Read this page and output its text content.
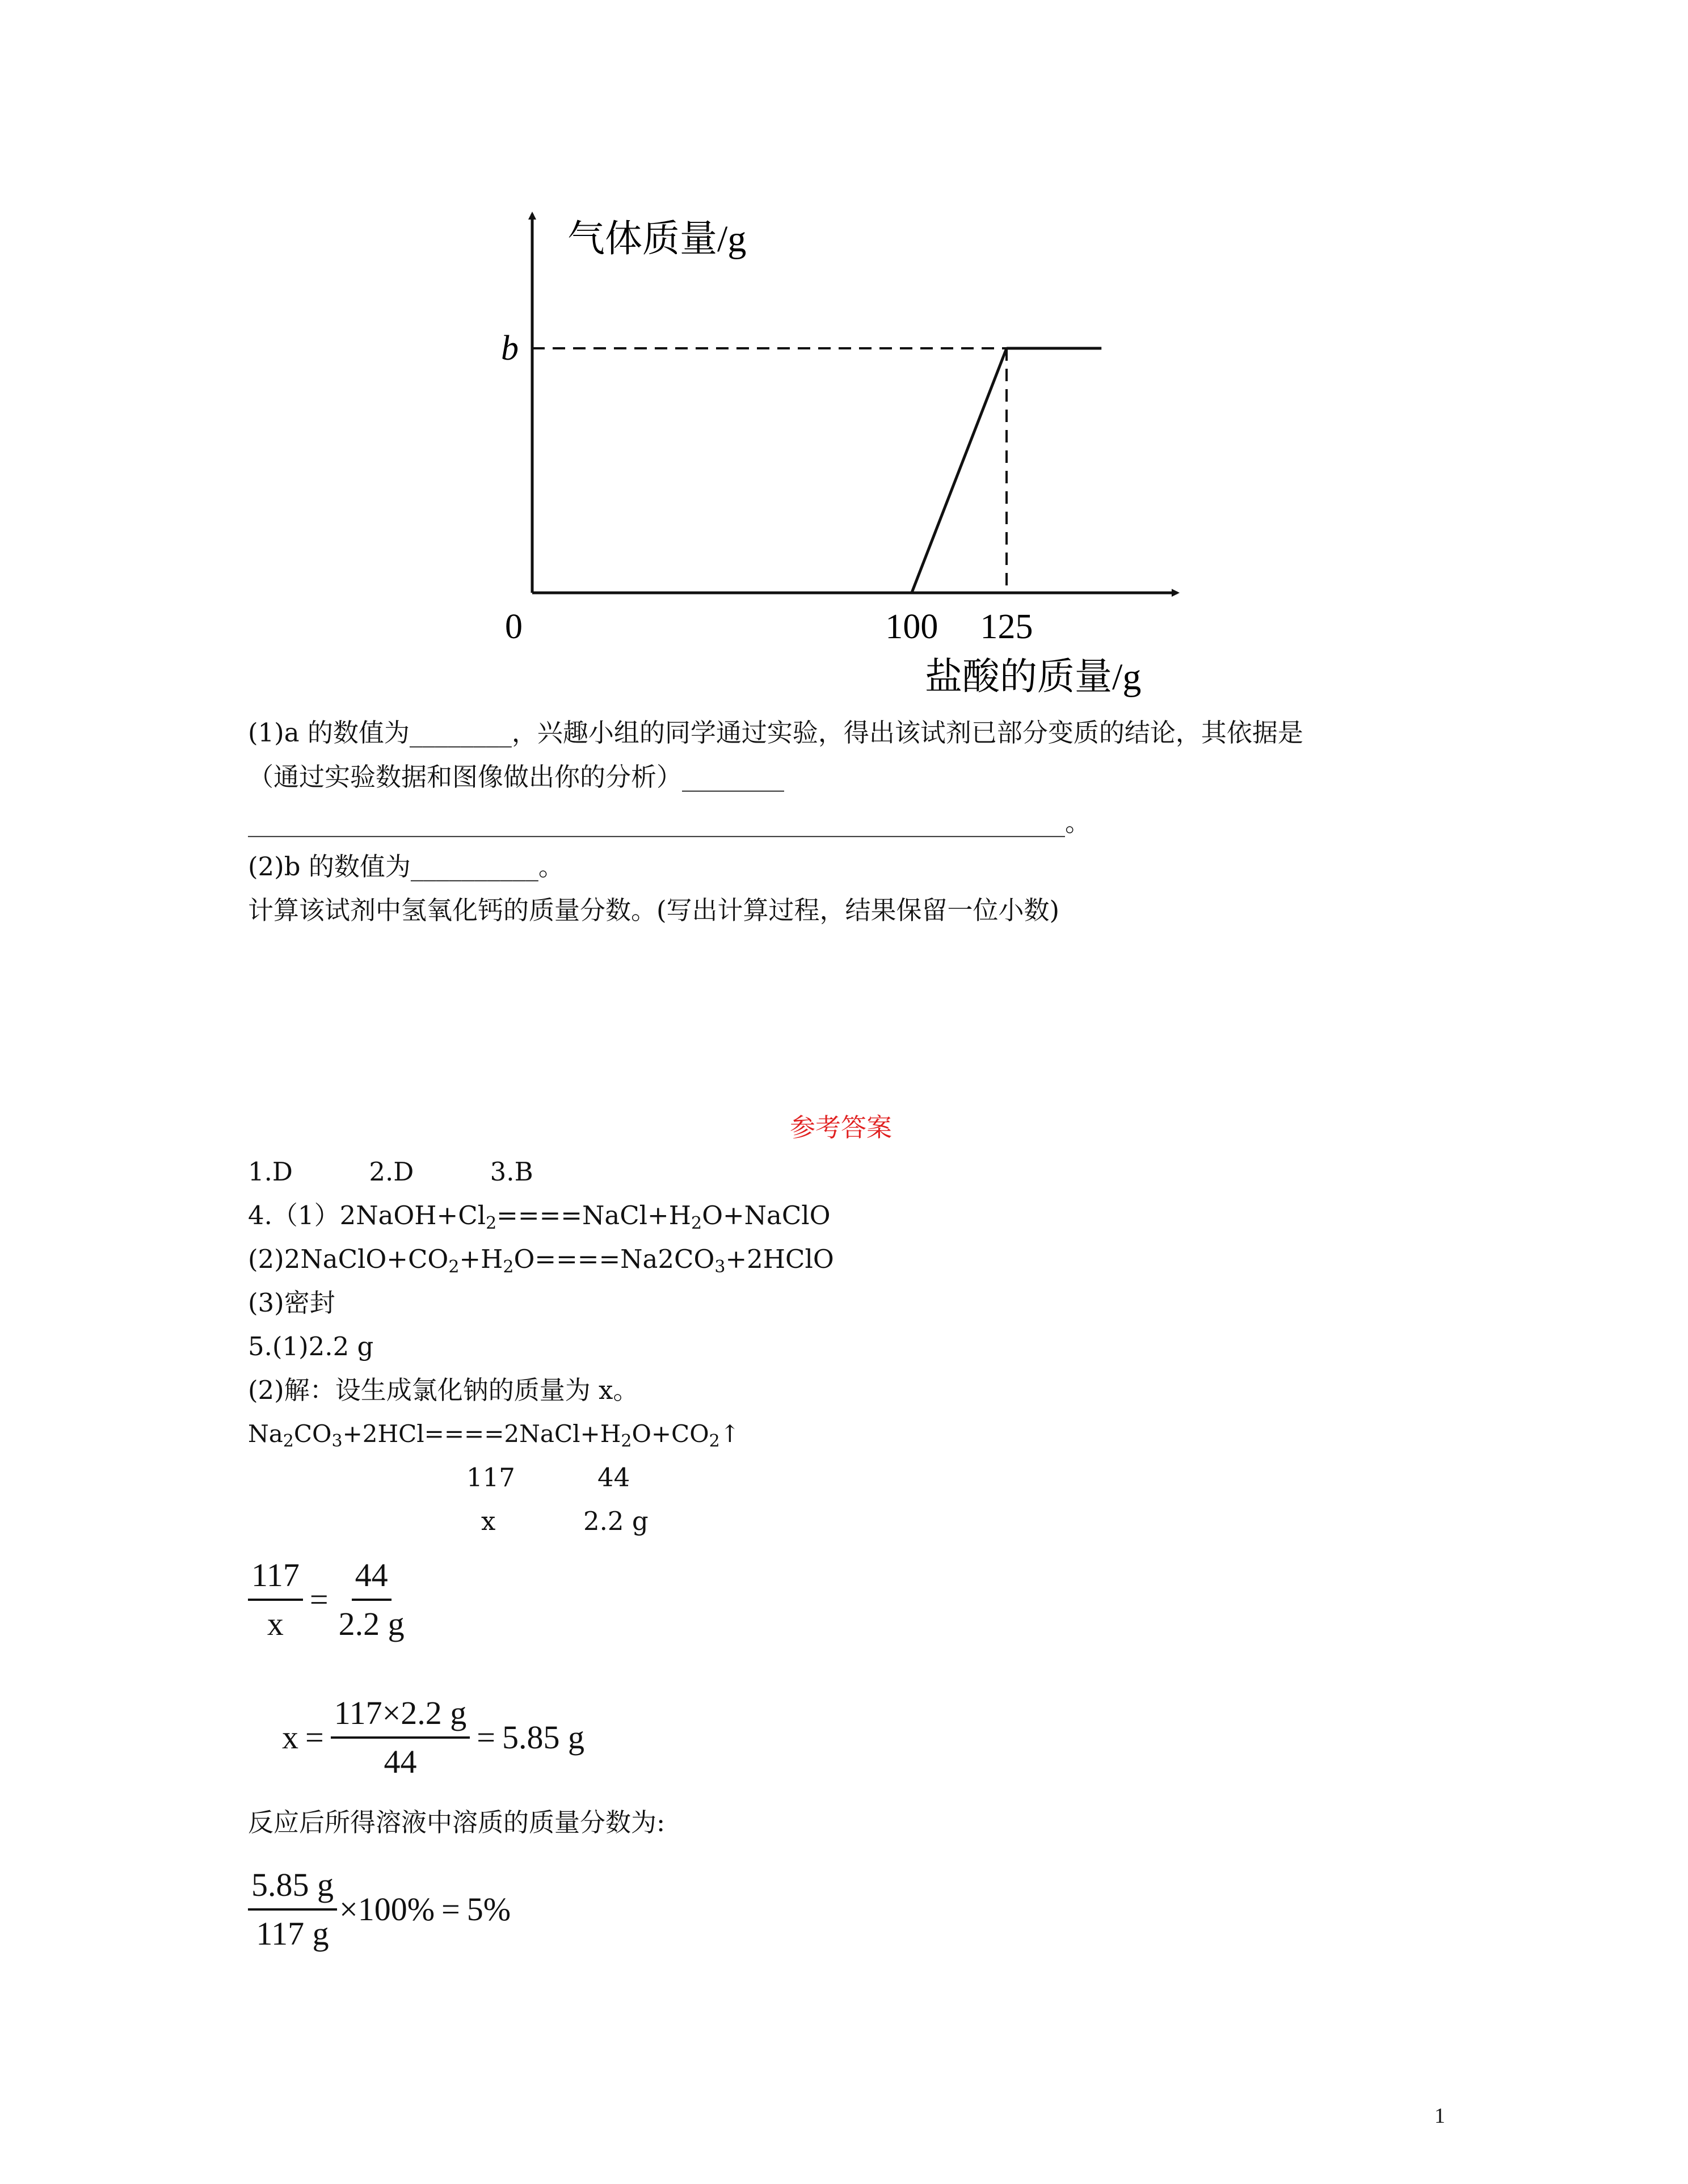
气体质量/g
盐酸的质量/g
0
b
100 125
(1)a 的数值为________，兴趣小组的同学通过实验，得出该试剂已部分变质的结论，其依据是
（通过实验数据和图像做出你的分析）________
________________________________________________________________。
(2)b 的数值为__________。
计算该试剂中氢氧化钙的质量分数。(写出计算过程，结果保留一位小数)
参考答案
1.D	2.D	3.B
$4.(1)2NaOH+Cl_2====NaCl+H_2O+NaClO$
$(2)2NaClO+CO_2+H_2O====Na2CO_3+2HClO$
(3)密封
5.(1)2.2 g
(2)解：设生成氯化钠的质量为 x。
$Na_2CO_3+2HCl====2NaCl+H_2O+CO_2↑$
117	44
x	2.2 g
$\frac{117}{x} = \frac{44}{2.2 g}$
$x = \frac{117\times 2.2 g}{44} = 5.85$ g
反应后所得溶液中溶质的质量分数为:
$\frac{5.85 g}{117 g} \times 100\% = 5\%$
1
